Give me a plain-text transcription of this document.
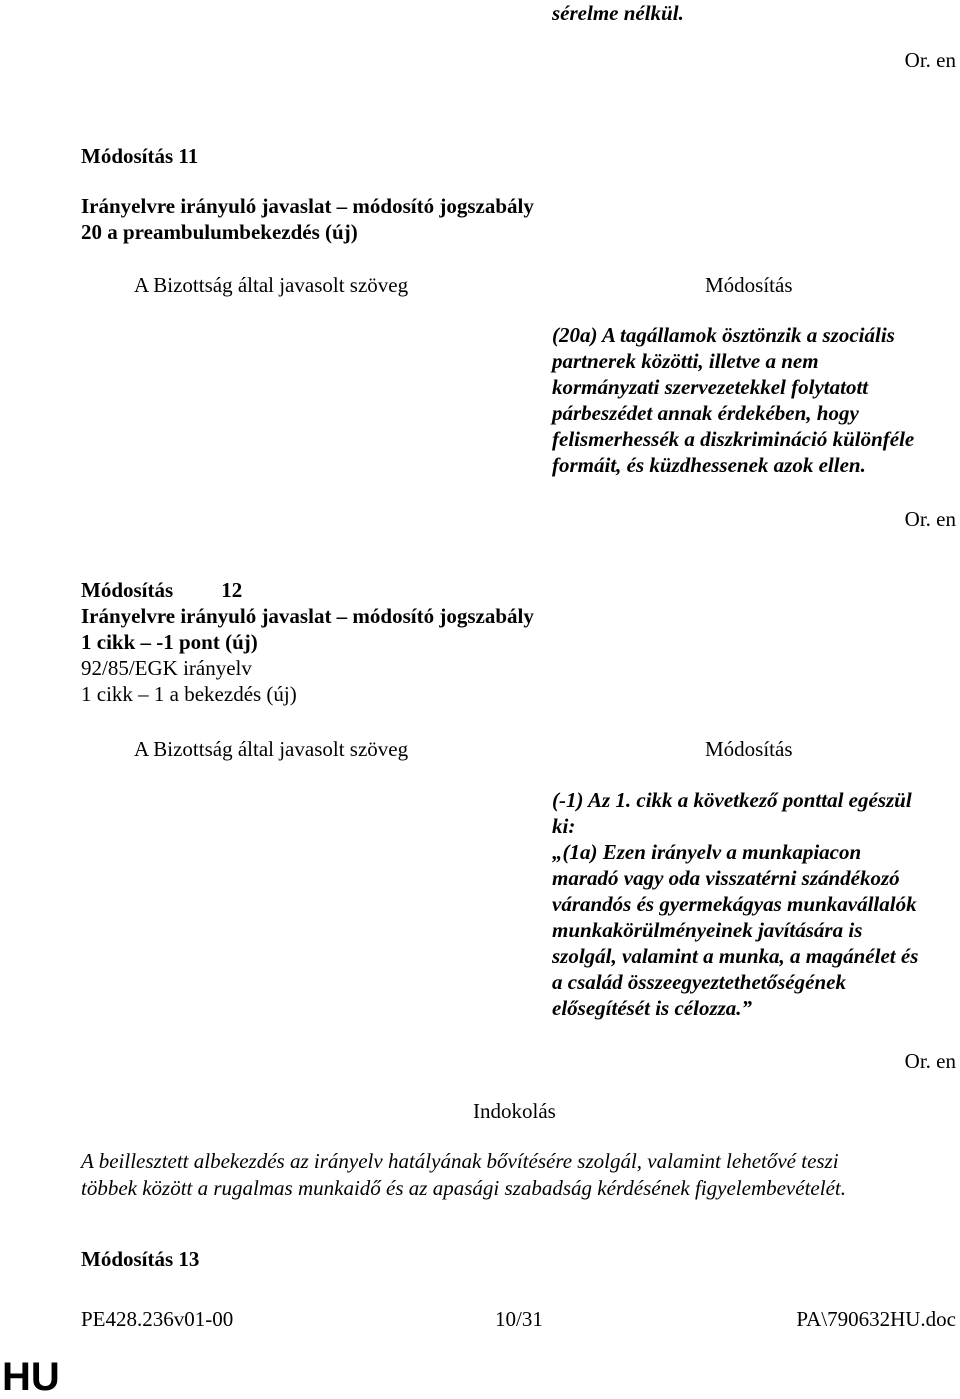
sérelme nélkül.
Or. en
Módosítás 11
Irányelvre irányuló javaslat – módosító jogszabály
20 a preambulumbekezdés (új)
A Bizottság által javasolt szöveg	Módosítás
(20a) A tagállamok ösztönzik a szociális
partnerek közötti, illetve a nem
kormányzati szervezetekkel folytatott
párbeszédet annak érdekében, hogy
felismerhessék a diszkrimináció különféle
formáit, és küzdhessenek azok ellen.
Or. en
Módosítás 12
Irányelvre irányuló javaslat – módosító jogszabály
1 cikk – -1 pont (új)
92/85/EGK irányelv
1 cikk – 1 a bekezdés (új)
A Bizottság által javasolt szöveg	Módosítás
(-1) Az 1. cikk a következő ponttal egészül
ki:
„(1a) Ezen irányelv a munkapiacon
maradó vagy oda visszatérni szándékozó
várandós és gyermekágyas munkavállalók
munkakörülményeinek javítására is
szolgál, valamint a munka, a magánélet és
a család összeegyeztethetőségének
elősegítését is célozza.”
Or. en
Indokolás
A beillesztett albekezdés az irányelv hatályának bővítésére szolgál, valamint lehetővé teszi
többek között a rugalmas munkaidő és az apasági szabadság kérdésének figyelembevételét.
Módosítás 13
PE428.236v01-00	10/31	PA\790632HU.doc
HU
